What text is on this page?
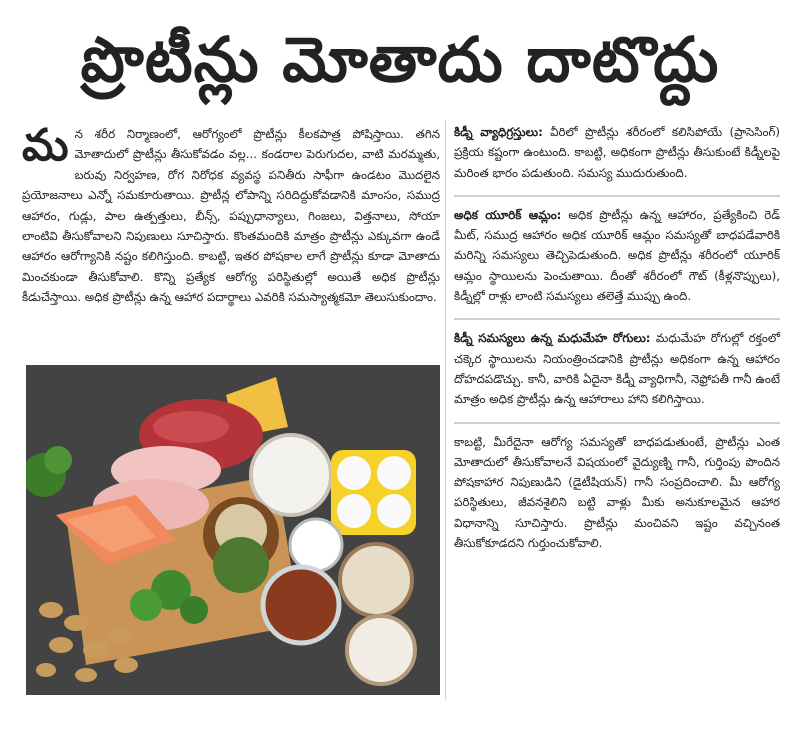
ప్రొటీన్లు మోతాదు దాటొద్దు

మన శరీర నిర్మాణంలో, ఆరోగ్యంలో ప్రొటీన్లు కీలకపాత్ర పోషిస్తాయి. తగిన మోతాదులో ప్రొటీన్లు తీసుకోవడం వల్ల... కండరాల పెరుగుదల, వాటి మరమ్మతు, బరువు నిర్వహణ, రోగ నిరోధక వ్యవస్థ పనితీరు సాఫీగా ఉండటం మొదలైన ప్రయోజనాలు ఎన్నో సమకూరుతాయి. ప్రొటీన్ల లోపాన్ని సరిదిద్దుకోవడానికి మాంసం, సముద్ర ఆహారం, గుడ్లు, పాల ఉత్పత్తులు, బీన్స్, పప్పుధాన్యాలు, గింజలు, విత్తనాలు, సోయా లాంటివి తీసుకోవాలని నిపుణులు సూచిస్తారు. కొంతమందికి మాత్రం ప్రొటీన్లు ఎక్కువగా ఉండే ఆహారం ఆరోగ్యానికి నష్టం కలిగిస్తుంది. కాబట్టి, ఇతర పోషకాల లాగే ప్రొటీన్లు కూడా మోతాదు మించకుండా తీసుకోవాలి. కొన్ని ప్రత్యేక ఆరోగ్య పరిస్థితుల్లో అయితే అధిక ప్రొటీన్లు కీడుచేస్తాయి. అధిక ప్రొటీన్లు ఉన్న ఆహార పదార్థాలు ఎవరికి సమస్యాత్మకమో తెలుసుకుందాం.

కిడ్నీ వ్యాధిగ్రస్తులు: వీరిలో ప్రొటీన్లు శరీరంలో కలిసిపోయే (ప్రాసెసింగ్) ప్రక్రియ కష్టంగా ఉంటుంది. కాబట్టి, అధికంగా ప్రొటీన్లు తీసుకుంటే కిడ్నీలపై మరింత భారం పడుతుంది. సమస్య ముదురుతుంది.

అధిక యూరిక్ ఆమ్లం: అధిక ప్రొటీన్లు ఉన్న ఆహారం, ప్రత్యేకించి రెడ్ మీట్, సముద్ర ఆహారం అధిక యూరిక్ ఆమ్లం సమస్యతో బాధపడేవారికి మరిన్ని సమస్యలు తెచ్చిపెడుతుంది. అధిక ప్రొటీన్లు శరీరంలో యూరిక్ ఆమ్లం స్థాయిలను పెంచుతాయి. దీంతో శరీరంలో గౌట్ (కీళ్లనొప్పులు), కిడ్నీల్లో రాళ్లు లాంటి సమస్యలు తలెత్తే ముప్పు ఉంది.

కిడ్నీ సమస్యలు ఉన్న మధుమేహ రోగులు: మధుమేహ రోగుల్లో రక్తంలో చక్కెర స్థాయిలను నియంత్రించడానికి ప్రొటీన్లు అధికంగా ఉన్న ఆహారం దోహదపడొచ్చు. కానీ, వారికి ఏదైనా కిడ్నీ వ్యాధిగానీ, నెఫ్రోపతీ గానీ ఉంటే మాత్రం అధిక ప్రొటీన్లు ఉన్న ఆహారాలు హాని కలిగిస్తాయి.

కాబట్టి, మీరేదైనా ఆరోగ్య సమస్యతో బాధపడుతుంటే, ప్రొటీన్లు ఎంత మోతాదులో తీసుకోవాలనే విషయంలో వైద్యుణ్ని గానీ, గుర్తింపు పొందిన పోషకాహార నిపుణుడిని (డైటీషియన్) గానీ సంప్రదించాలి. మీ ఆరోగ్య పరిస్థితులు, జీవనశైలిని బట్టి వాళ్లు మీకు అనుకూలమైన ఆహార విధానాన్ని సూచిస్తారు. ప్రొటీన్లు మంచివని ఇష్టం వచ్చినంత తీసుకోకూడదని గుర్తుంచుకోవాలి.
